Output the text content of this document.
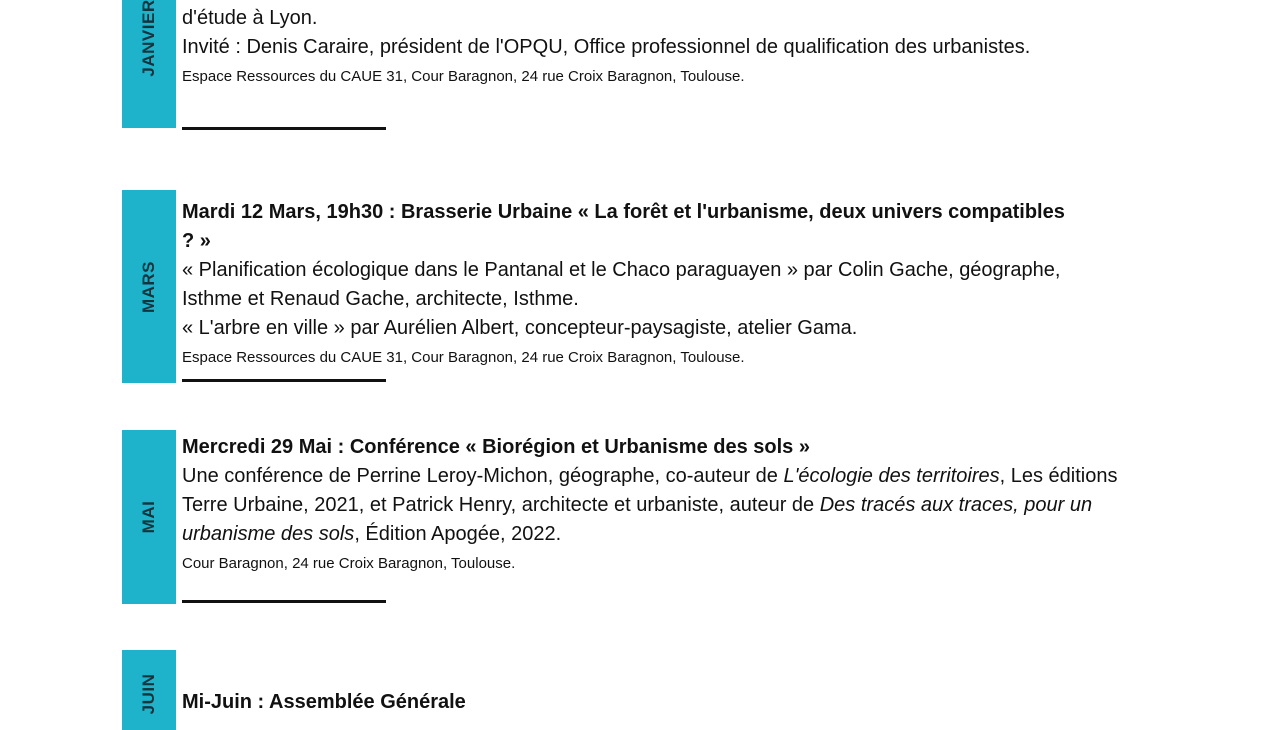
JANVIER d'étude à Lyon.
Invité : Denis Caraire, président de l'OPQU, Office professionnel de qualification des urbanistes.
Espace Ressources du CAUE 31, Cour Baragnon, 24 rue Croix Baragnon, Toulouse.
MARS
Mardi 12 Mars, 19h30 : Brasserie Urbaine « La forêt et l'urbanisme, deux univers compatibles ? »
« Planification écologique dans le Pantanal et le Chaco paraguayen » par Colin Gache, géographe, Isthme et Renaud Gache, architecte, Isthme.
« L'arbre en ville » par Aurélien Albert, concepteur-paysagiste, atelier Gama.
Espace Ressources du CAUE 31, Cour Baragnon, 24 rue Croix Baragnon, Toulouse.
MAI
Mercredi 29 Mai : Conférence « Biorégion et Urbanisme des sols »
Une conférence de Perrine Leroy-Michon, géographe, co-auteur de L'écologie des territoires, Les éditions Terre Urbaine, 2021, et Patrick Henry, architecte et urbaniste, auteur de Des tracés aux traces, pour un urbanisme des sols, Édition Apogée, 2022.
Cour Baragnon, 24 rue Croix Baragnon, Toulouse.
JUIN Mi-Juin : Assemblée Générale
